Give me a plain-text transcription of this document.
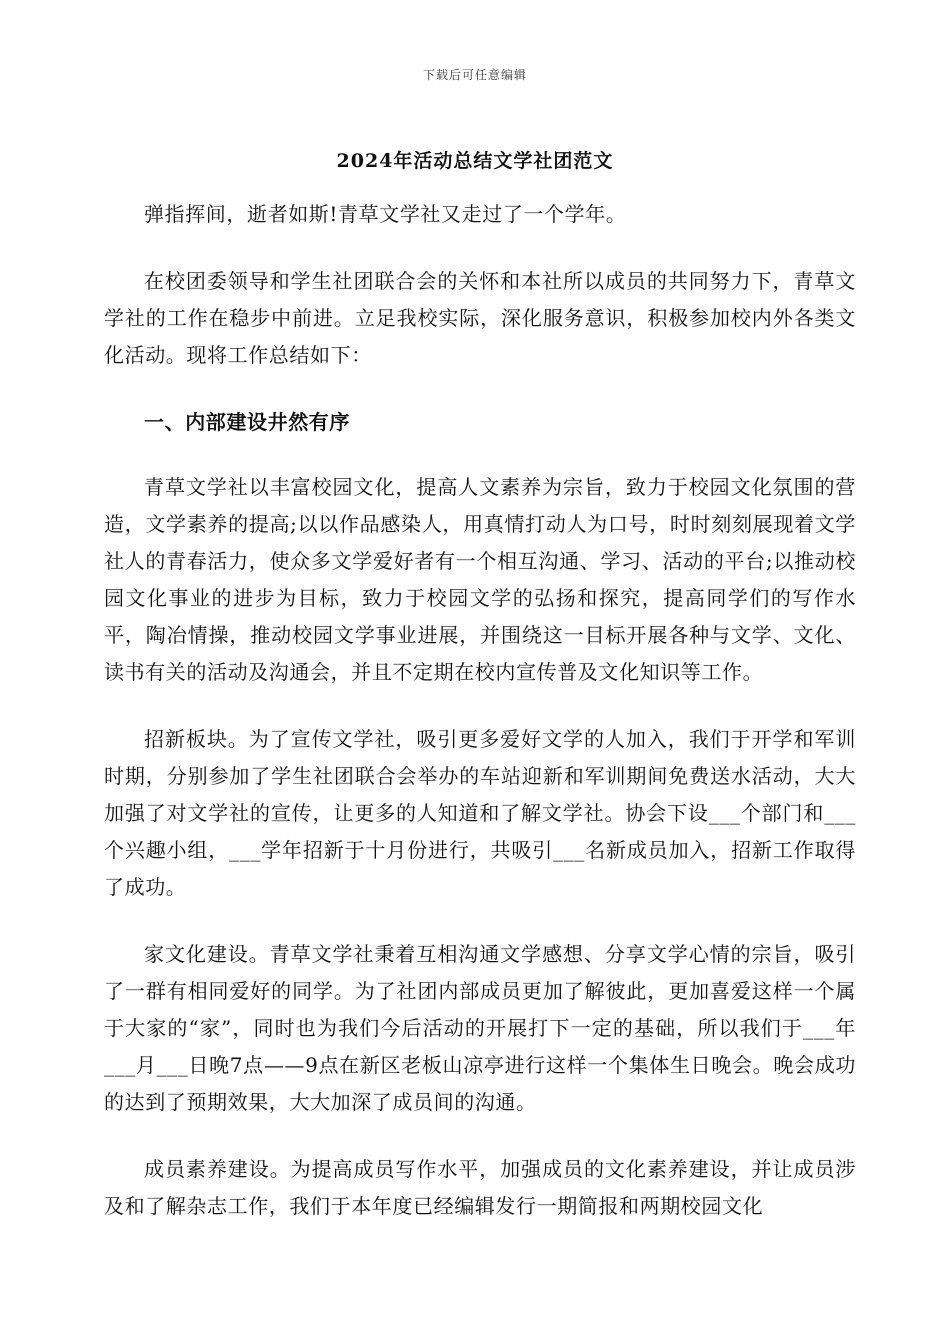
下载后可任意编辑
2024年活动总结文学社团范文

弹指挥间，逝者如斯!青草文学社又走过了一个学年。

在校团委领导和学生社团联合会的关怀和本社所以成员的共同努力下，青草文学社的工作在稳步中前进。立足我校实际，深化服务意识，积极参加校内外各类文化活动。现将工作总结如下：

一、内部建设井然有序

青草文学社以丰富校园文化，提高人文素养为宗旨，致力于校园文化氛围的营造，文学素养的提高;以以作品感染人，用真情打动人为口号，时时刻刻展现着文学社人的青春活力，使众多文学爱好者有一个相互沟通、学习、活动的平台;以推动校园文化事业的进步为目标，致力于校园文学的弘扬和探究，提高同学们的写作水平，陶冶情操，推动校园文学事业进展，并围绕这一目标开展各种与文学、文化、读书有关的活动及沟通会，并且不定期在校内宣传普及文化知识等工作。

招新板块。为了宣传文学社，吸引更多爱好文学的人加入，我们于开学和军训时期，分别参加了学生社团联合会举办的车站迎新和军训期间免费送水活动，大大加强了对文学社的宣传，让更多的人知道和了解文学社。协会下设___个部门和___个兴趣小组，___学年招新于十月份进行，共吸引___名新成员加入，招新工作取得了成功。

家文化建设。青草文学社秉着互相沟通文学感想、分享文学心情的宗旨，吸引了一群有相同爱好的同学。为了社团内部成员更加了解彼此，更加喜爱这样一个属于大家的“家”，同时也为我们今后活动的开展打下一定的基础，所以我们于___年___月___日晚7点——9点在新区老板山凉亭进行这样一个集体生日晚会。晚会成功的达到了预期效果，大大加深了成员间的沟通。

成员素养建设。为提高成员写作水平，加强成员的文化素养建设，并让成员涉及和了解杂志工作，我们于本年度已经编辑发行一期简报和两期校园文化
